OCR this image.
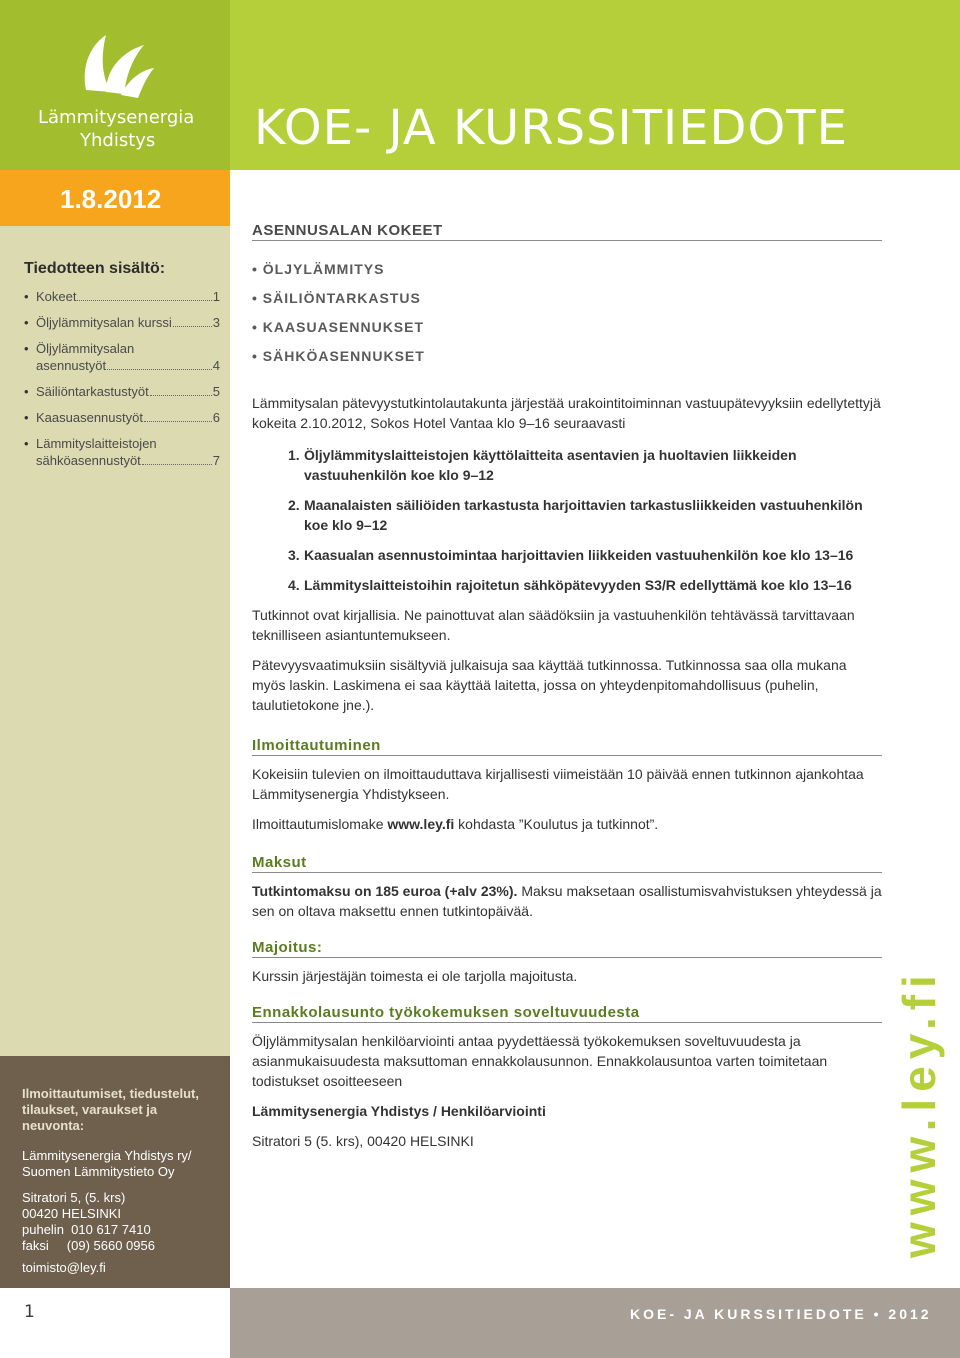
Lämmitysenergia
Yhdistys	KOE- JA KURSSITIEDOTE
1.8.2012
Tiedotteen sisältö:
• Kokeet	1
• Öljylämmitysalan kurssi	3
• Öljylämmitysalan
asennustyöt	4
• Säiliöntarkastustyöt	5
• Kaasuasennustyöt	6
• Lämmityslaitteistojen
sähköasennustyöt	7
Ilmoittautumiset, tiedustelut, tilaukset, varaukset ja neuvonta:
Lämmitysenergia Yhdistys ry/ Suomen Lämmitystieto Oy
Sitratori 5, (5. krs)
00420 HELSINKI
puhelin  010 617 7410
faksi     (09) 5660 0956
toimisto@ley.fi
ASENNUSALAN KOKEET
• ÖLJYLÄMMITYS
• SÄILIÖNTARKASTUS
• KAASUASENNUKSET
• SÄHKÖASENNUKSET

Lämmitysalan pätevyystutkintolautakunta järjestää urakointitoiminnan vastuupätevyyksiin edellytettyjä kokeita 2.10.2012, Sokos Hotel Vantaa klo 9–16 seuraavasti

1. Öljylämmityslaitteistojen käyttölaitteita asentavien ja huoltavien liikkeiden vastuuhenkilön koe klo 9–12
2. Maanalaisten säiliöiden tarkastusta harjoittavien tarkastusliikkeiden vastuuhenkilön koe klo 9–12
3. Kaasualan asennustoimintaa harjoittavien liikkeiden vastuuhenkilön koe klo 13–16
4. Lämmityslaitteistoihin rajoitetun sähköpätevyyden S3/R edellyttämä koe klo 13–16

Tutkinnot ovat kirjallisia. Ne painottuvat alan säädöksiin ja vastuuhenkilön tehtävässä tarvittavaan teknilliseen asiantuntemukseen.

Pätevyysvaatimuksiin sisältyviä julkaisuja saa käyttää tutkinnossa. Tutkinnossa saa olla mukana myös laskin. Laskimena ei saa käyttää laitetta, jossa on yhteydenpitomahdollisuus (puhelin, taulutietokone jne.).

Ilmoittautuminen

Kokeisiin tulevien on ilmoittauduttava kirjallisesti viimeistään 10 päivää ennen tutkinnon ajankohtaa Lämmitysenergia Yhdistykseen.

Ilmoittautumislomake www.ley.fi kohdasta ”Koulutus ja tutkinnot”.

Maksut

Tutkintomaksu on 185 euroa (+alv 23%). Maksu maksetaan osallistumisvahvistuksen yhteydessä ja sen on oltava maksettu ennen tutkintopäivää.

Majoitus:

Kurssin järjestäjän toimesta ei ole tarjolla majoitusta.

Ennakkolausunto työkokemuksen soveltuvuudesta

Öljylämmitysalan henkilöarviointi antaa pyydettäessä työkokemuksen soveltuvuudesta ja asianmukaisuudesta maksuttoman ennakkolausunnon. Ennakkolausuntoa varten toimitetaan todistukset osoitteeseen

Lämmitysenergia Yhdistys / Henkilöarviointi

Sitratori 5 (5. krs), 00420 HELSINKI	www.ley.fi
1	KOE- JA KURSSITIEDOTE • 2012
